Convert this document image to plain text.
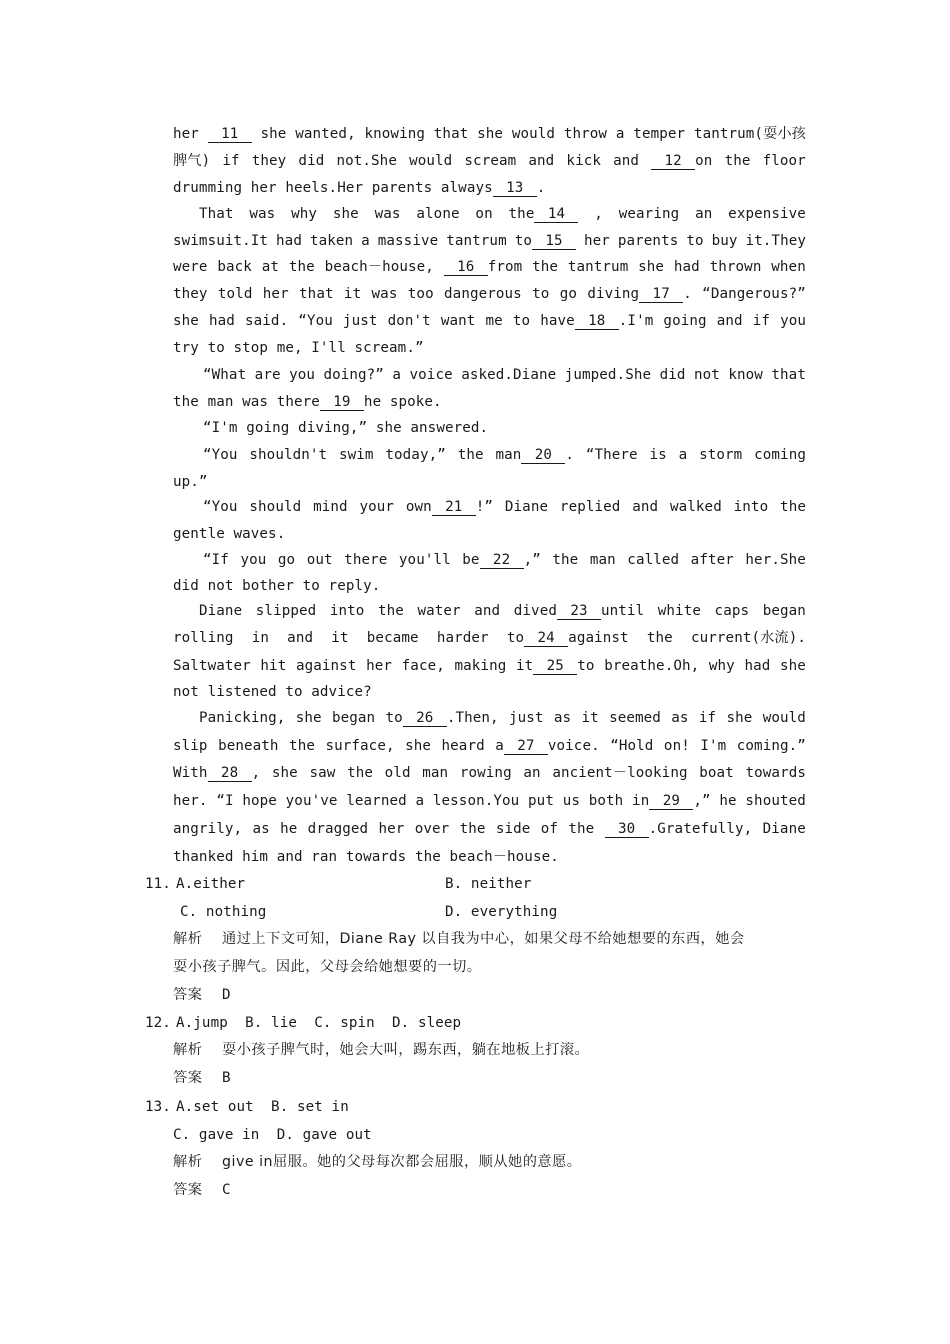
her	11	she wanted, knowing that she would throw a temper tantrum(耍小孩
脾气) if they did not.She would scream and kick and	12 on the floor
drumming her heels.Her parents always 13 .
That was why she was alone on the 14	, wearing an expensive
swimsuit.It had taken a massive tantrum to 15	her parents to buy it.They
were back at the beach－house,	16 from the tantrum she had thrown when
they told her that it was too dangerous to go diving 17 . “Dangerous?”
she had said. “You just don't want me to have 18 .I'm going and if you
try to stop me, I'll scream.”
“What are you doing?” a voice asked.Diane jumped.She did not know that
the man was there 19 he spoke.
“I'm going diving,” she answered.
“You shouldn't swim today,” the man 20 . “There is a storm coming
up.”
“You should mind your own 21 !” Diane replied and walked into the
gentle waves.
“If you go out there you'll be 22 ,” the man called after her.She
did not bother to reply.
Diane slipped into the water and dived 23 until white caps began
rolling in and it became harder to 24 against the current(水流).
Saltwater hit against her face, making it 25 to breathe.Oh, why had she
not listened to advice?
Panicking, she began to 26 .Then, just as it seemed as if she would
slip beneath the surface, she heard a 27 voice. “Hold on! I'm coming.”
With 28 , she saw the old man rowing an ancient－looking boat towards
her. “I hope you've learned a lesson.You put us both in 29 ,” he shouted
angrily, as he dragged her over the side of the	30 .Gratefully, Diane
thanked him and ran towards the beach－house.
11. A.either	B. neither
C. nothing	D. everything
解析 通过上下文可知，Diane Ray 以自我为中心，如果父母不给她想要的东西，她会
耍小孩子脾气。因此，父母会给她想要的一切。
答案 D
12. A.jump  B. lie  C. spin  D. sleep
解析 耍小孩子脾气时，她会大叫，踢东西，躺在地板上打滚。
答案 B
13. A.set out  B. set in
C. gave in  D. gave out
解析 give in屈服。她的父母每次都会屈服，顺从她的意愿。
答案 C
